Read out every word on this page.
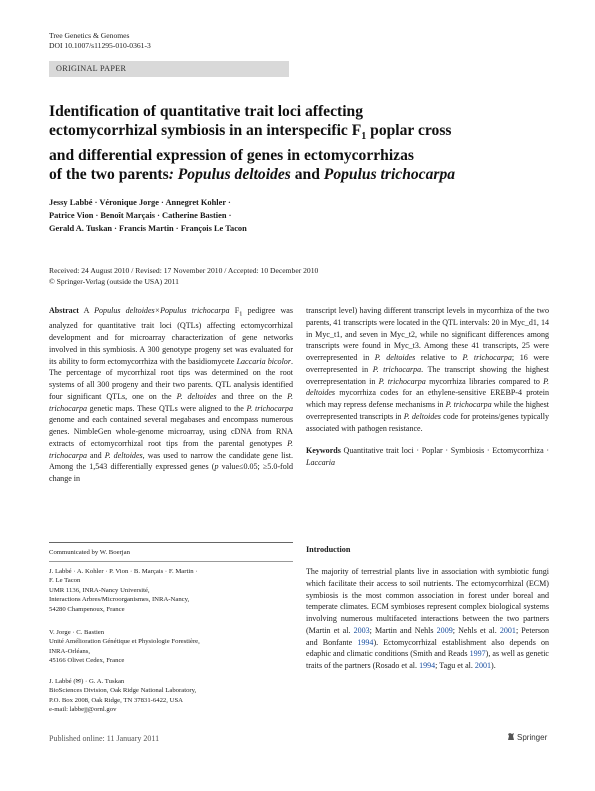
Tree Genetics & Genomes
DOI 10.1007/s11295-010-0361-3
ORIGINAL PAPER
Identification of quantitative trait loci affecting
ectomycorrhizal symbiosis in an interspecific $F_1$ poplar cross
and differential expression of genes in ectomycorrhizas
of the two parents: Populus deltoides and Populus trichocarpa
Jessy Labbé · Véronique Jorge · Annegret Kohler ·
Patrice Vion · Benoît Marçais · Catherine Bastien ·
Gerald A. Tuskan · Francis Martin · François Le Tacon
Received: 24 August 2010 / Revised: 17 November 2010 / Accepted: 10 December 2010
© Springer-Verlag (outside the USA) 2011

Abstract A Populus deltoides×Populus trichocarpa $F_1$ pedigree was analyzed for quantitative trait loci (QTLs) affecting ectomycorrhizal development and for microarray characterization of gene networks involved in this symbiosis. A 300 genotype progeny set was evaluated for its ability to form ectomycorrhiza with the basidiomycete Laccaria bicolor. The percentage of mycorrhizal root tips was determined on the root systems of all 300 progeny and their two parents. QTL analysis identified four significant QTLs, one on the P. deltoides and three on the P. trichocarpa genetic maps. These QTLs were aligned to the P. trichocarpa genome and each contained several megabases and encompass numerous genes. NimbleGen whole-genome microarray, using cDNA from RNA extracts of ectomycorrhizal root tips from the parental genotypes P. trichocarpa and P. deltoides, was used to narrow the candidate gene list. Among the 1,543 differentially expressed genes (p value≤0.05; ≥5.0-fold change in

transcript level) having different transcript levels in mycorrhiza of the two parents, 41 transcripts were located in the QTL intervals: 20 in Myc_d1, 14 in Myc_t1, and seven in Myc_t2, while no significant differences among transcripts were found in Myc_t3. Among these 41 transcripts, 25 were overrepresented in P. deltoides relative to P. trichocarpa; 16 were overrepresented in P. trichocarpa. The transcript showing the highest overrepresentation in P. trichocarpa mycorrhiza libraries compared to P. deltoides mycorrhiza codes for an ethylene-sensitive EREBP-4 protein which may repress defense mechanisms in P. trichocarpa while the highest overrepresented transcripts in P. deltoides code for proteins/genes typically associated with pathogen resistance.

Keywords Quantitative trait loci · Poplar · Symbiosis · Ectomycorrhiza · Laccaria

Communicated by W. Boerjan
J. Labbé · A. Kohler · P. Vion · B. Marçais · F. Martin ·
F. Le Tacon
UMR 1136, INRA-Nancy Université,
Interactions Arbres/Microorganismes, INRA-Nancy,
54280 Champenoux, France
V. Jorge · C. Bastien
Unité Amélioration Génétique et Physiologie Forestière,
INRA-Orléans,
45166 Olivet Cedex, France
J. Labbé (✉) · G. A. Tuskan
BioSciences Division, Oak Ridge National Laboratory,
P.O. Box 2008, Oak Ridge, TN 37831-6422, USA
e-mail: labbejj@ornl.gov
Introduction

The majority of terrestrial plants live in association with symbiotic fungi which facilitate their access to soil nutrients. The ectomycorrhizal (ECM) symbiosis is the most common association in forest under boreal and temperate climates. ECM symbioses represent complex biological systems involving numerous multifaceted interactions between the two partners (Martin et al. 2003; Martin and Nehls 2009; Nehls et al. 2001; Peterson and Bonfante 1994). Ectomycorrhizal establishment also depends on edaphic and climatic conditions (Smith and Reads 1997), as well as genetic traits of the partners (Rosado et al. 1994; Tagu et al. 2001).

Published online: 11 January 2011	Springer
